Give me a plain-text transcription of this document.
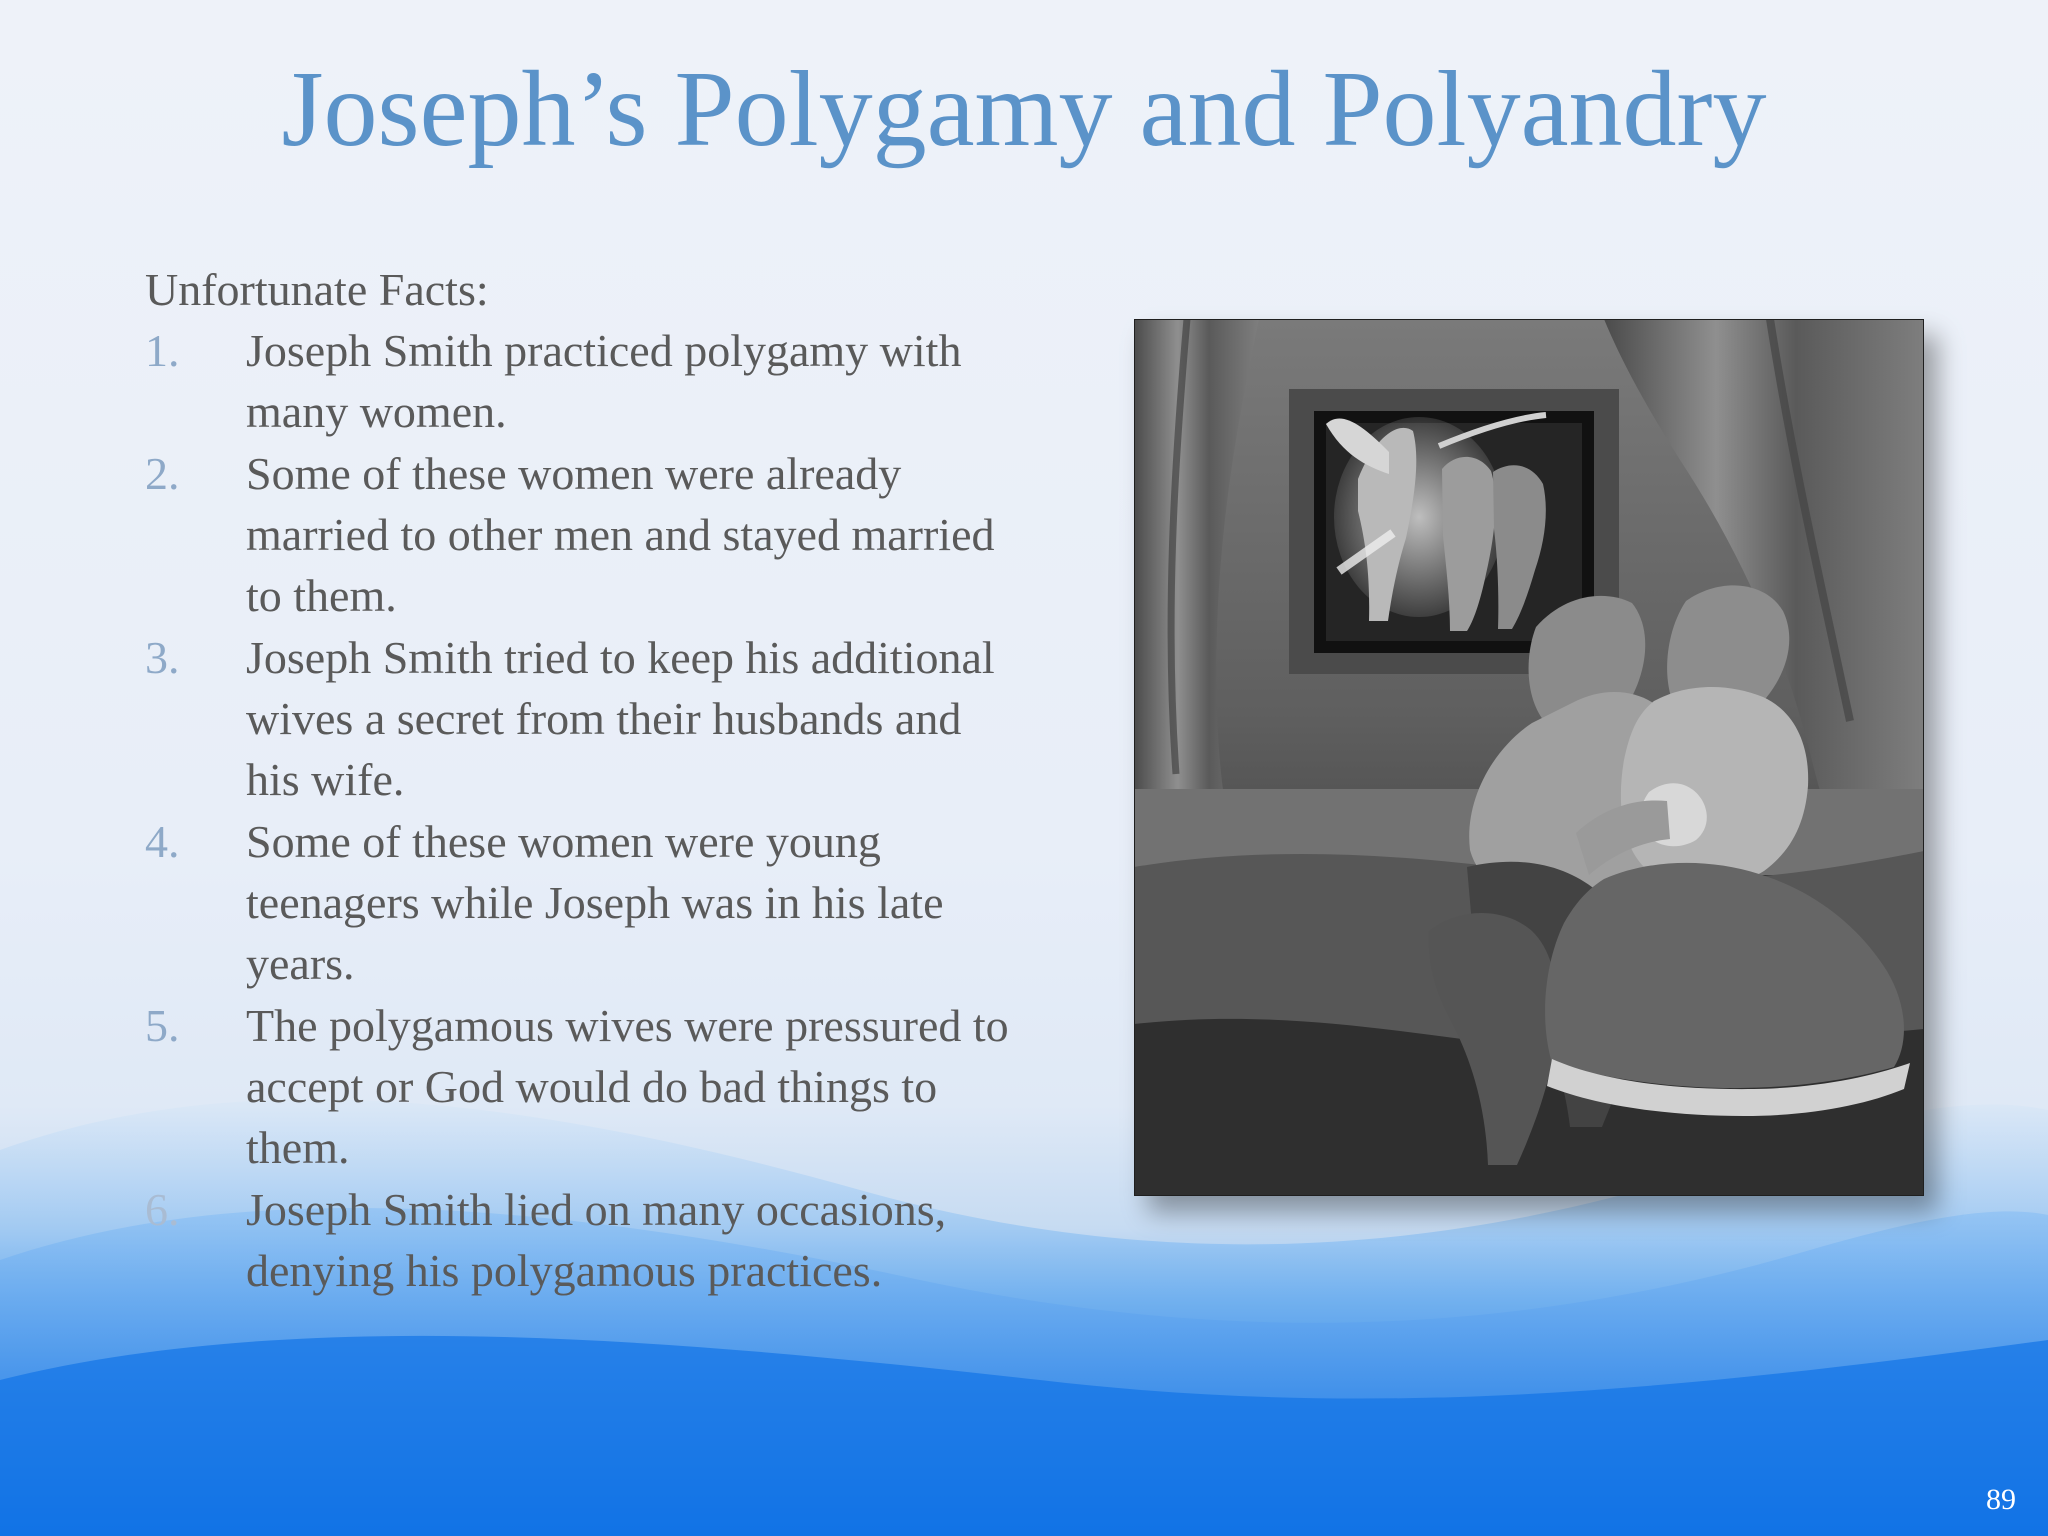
Joseph’s Polygamy and Polyandry
Unfortunate Facts:
1.	Joseph Smith practiced polygamy with many women.
2.	Some of these women were already married to other men and stayed married to them.
3.	Joseph Smith tried to keep his additional wives a secret from their husbands and his wife.
4.	Some of these women were young teenagers while Joseph was in his late years.
5.	The polygamous wives were pressured to accept or God would do bad things to them.
6.	Joseph Smith lied on many occasions, denying his polygamous practices.
89
